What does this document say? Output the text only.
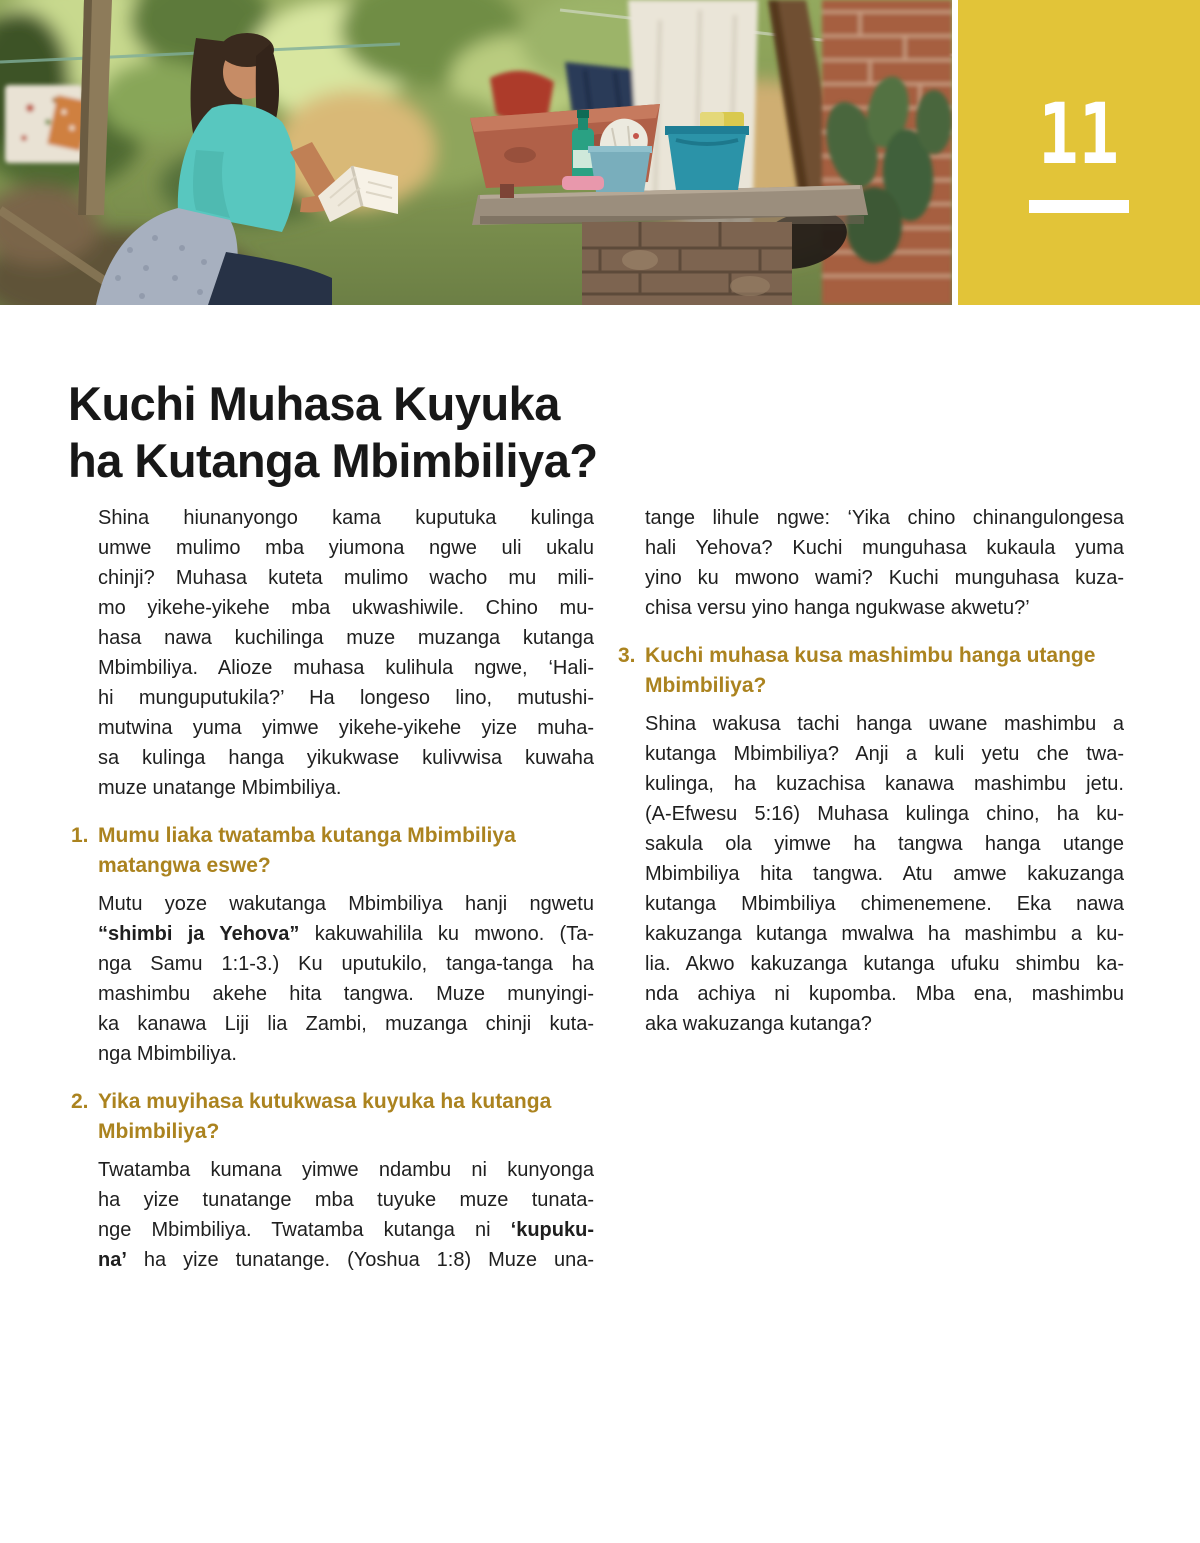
11
Kuchi Muhasa Kuyuka
ha Kutanga Mbimbiliya?
Shina hiunanyongo kama kuputuka kulinga
umwe mulimo mba yiumona ngwe uli ukalu
chinji? Muhasa kuteta mulimo wacho mu mili-
mo yikehe-yikehe mba ukwashiwile. Chino mu-
hasa nawa kuchilinga muze muzanga kutanga
Mbimbiliya. Alioze muhasa kulihula ngwe, ‘Hali-
hi munguputukila?’ Ha longeso lino, mutushi-
mutwina yuma yimwe yikehe-yikehe yize muha-
sa kulinga hanga yikukwase kulivwisa kuwaha
muze unatange Mbimbiliya.
1. Mumu liaka twatamba kutanga Mbimbiliya
matangwa eswe?
Mutu yoze wakutanga Mbimbiliya hanji ngwetu
“shimbi ja Yehova” kakuwahilila ku mwono. (Ta-
nga Samu 1:1-3.) Ku uputukilo, tanga-tanga ha
mashimbu akehe hita tangwa. Muze munyingi-
ka kanawa Liji lia Zambi, muzanga chinji kuta-
nga Mbimbiliya.
2. Yika muyihasa kutukwasa kuyuka ha kutanga
Mbimbiliya?
Twatamba kumana yimwe ndambu ni kunyonga
ha yize tunatange mba tuyuke muze tunata-
nge Mbimbiliya. Twatamba kutanga ni ‘kupuku-
na’ ha yize tunatange. (Yoshua 1:8) Muze una-
tange lihule ngwe: ‘Yika chino chinangulongesa
hali Yehova? Kuchi munguhasa kukaula yuma
yino ku mwono wami? Kuchi munguhasa kuza-
chisa versu yino hanga ngukwase akwetu?’
3. Kuchi muhasa kusa mashimbu hanga utange
Mbimbiliya?
Shina wakusa tachi hanga uwane mashimbu a
kutanga Mbimbiliya? Anji a kuli yetu che twa-
kulinga, ha kuzachisa kanawa mashimbu jetu.
(A-Efwesu 5:16) Muhasa kulinga chino, ha ku-
sakula ola yimwe ha tangwa hanga utange
Mbimbiliya hita tangwa. Atu amwe kakuzanga
kutanga Mbimbiliya chimenemene. Eka nawa
kakuzanga kutanga mwalwa ha mashimbu a ku-
lia. Akwo kakuzanga kutanga ufuku shimbu ka-
nda achiya ni kupomba. Mba ena, mashimbu
aka wakuzanga kutanga?
